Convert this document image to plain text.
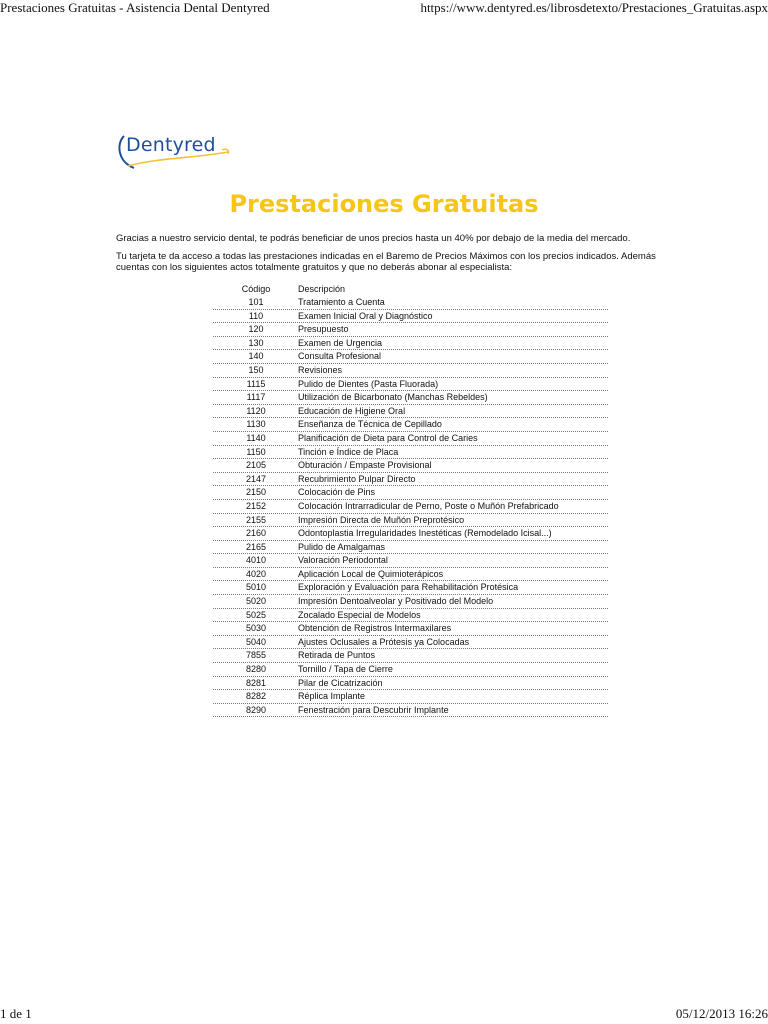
Prestaciones Gratuitas - Asistencia Dental Dentyred	https://www.dentyred.es/librosdetexto/Prestaciones_Gratuitas.aspx
Dentyred
Prestaciones Gratuitas
Gracias a nuestro servicio dental, te podrás beneficiar de unos precios hasta un 40% por debajo de la media del mercado.
Tu tarjeta te da acceso a todas las prestaciones indicadas en el Baremo de Precios Máximos con los precios indicados. Además cuentas con los siguientes actos totalmente gratuitos y que no deberás abonar al especialista:
Código	Descripción
101	Tratamiento a Cuenta
110	Examen Inicial Oral y Diagnóstico
120	Presupuesto
130	Examen de Urgencia
140	Consulta Profesional
150	Revisiones
1115	Pulido de Dientes (Pasta Fluorada)
1117	Utilización de Bicarbonato (Manchas Rebeldes)
1120	Educación de Higiene Oral
1130	Enseñanza de Técnica de Cepillado
1140	Planificación de Dieta para Control de Caries
1150	Tinción e Índice de Placa
2105	Obturación / Empaste Provisional
2147	Recubrimiento Pulpar Directo
2150	Colocación de Pins
2152	Colocación Intrarradicular de Perno, Poste o Muñón Prefabricado
2155	Impresión Directa de Muñón Preprotésico
2160	Odontoplastia Irregularidades Inestéticas (Remodelado Icisal...)
2165	Pulido de Amalgamas
4010	Valoración Periodontal
4020	Aplicación Local de Quimioterápicos
5010	Exploración y Evaluación para Rehabilitación Protésica
5020	Impresión Dentoalveolar y Positivado del Modelo
5025	Zocalado Especial de Modelos
5030	Obtención de Registros Intermaxilares
5040	Ajustes Oclusales a Prótesis ya Colocadas
7855	Retirada de Puntos
8280	Tornillo / Tapa de Cierre
8281	Pilar de Cicatrización
8282	Réplica Implante
8290	Fenestración para Descubrir Implante
1 de 1	05/12/2013 16:26
